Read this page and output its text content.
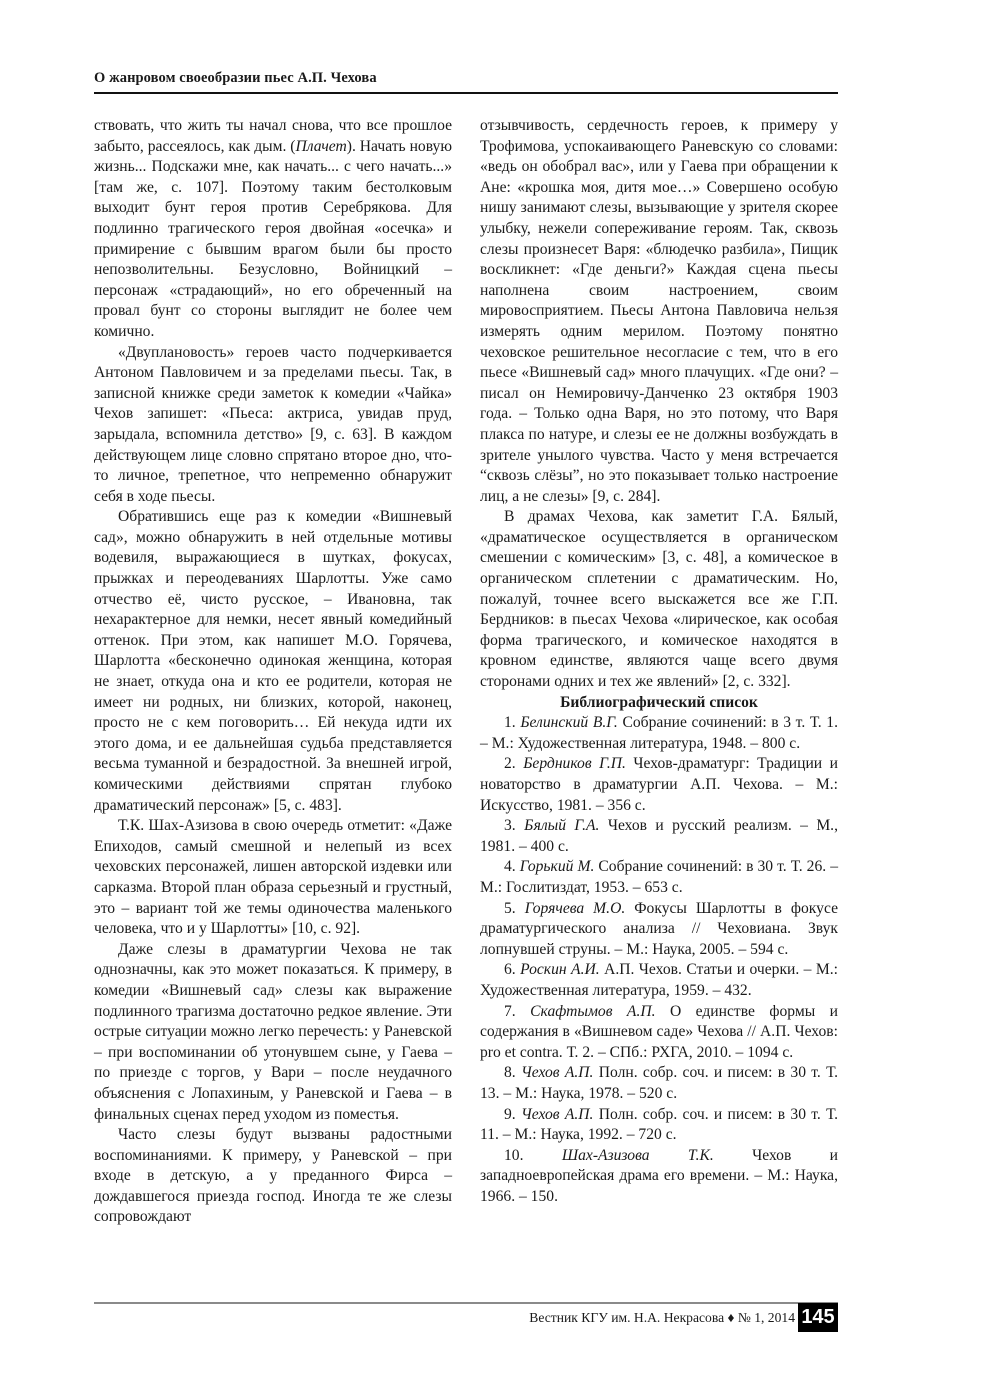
О жанровом своеобразии пьес А.П. Чехова

ствовать, что жить ты начал снова, что все прошлое забыто, рассеялось, как дым. (Плачет). Начать новую жизнь... Подскажи мне, как начать... с чего начать...» [там же, с. 107]. Поэтому таким бестолковым выходит бунт героя против Серебрякова. Для подлинно трагического героя двойная «осечка» и примирение с бывшим врагом были бы просто непозволительны. Безусловно, Войницкий – персонаж «страдающий», но его обреченный на провал бунт со стороны выглядит не более чем комично.

«Двуплановость» героев часто подчеркивается Антоном Павловичем и за пределами пьесы. Так, в записной книжке среди заметок к комедии «Чайка» Чехов запишет: «Пьеса: актриса, увидав пруд, зарыдала, вспомнила детство» [9, с. 63]. В каждом действующем лице словно спрятано второе дно, что-то личное, трепетное, что непременно обнаружит себя в ходе пьесы.

Обратившись еще раз к комедии «Вишневый сад», можно обнаружить в ней отдельные мотивы водевиля, выражающиеся в шутках, фокусах, прыжках и переодеваниях Шарлотты. Уже само отчество её, чисто русское, – Ивановна, так нехарактерное для немки, несет явный комедийный оттенок. При этом, как напишет М.О. Горячева, Шарлотта «бесконечно одинокая женщина, которая не знает, откуда она и кто ее родители, которая не имеет ни родных, ни близких, которой, наконец, просто не с кем поговорить… Ей некуда идти их этого дома, и ее дальнейшая судьба представляется весьма туманной и безрадостной. За внешней игрой, комическими действиями спрятан глубоко драматический персонаж» [5, с. 483].

Т.К. Шах-Азизова в свою очередь отметит: «Даже Епиходов, самый смешной и нелепый из всех чеховских персонажей, лишен авторской издевки или сарказма. Второй план образа серьезный и грустный, это – вариант той же темы одиночества маленького человека, что и у Шарлотты» [10, с. 92].

Даже слезы в драматургии Чехова не так однозначны, как это может показаться. К примеру, в комедии «Вишневый сад» слезы как выражение подлинного трагизма достаточно редкое явление. Эти острые ситуации можно легко перечесть: у Раневской – при воспоминании об утонувшем сыне, у Гаева – по приезде с торгов, у Вари – после неудачного объяснения с Лопахиным, у Раневской и Гаева – в финальных сценах перед уходом из поместья.

Часто слезы будут вызваны радостными воспоминаниями. К примеру, у Раневской – при входе в детскую, а у преданного Фирса – дождавшегося приезда господ. Иногда те же слезы сопровождают

отзывчивость, сердечность героев, к примеру у Трофимова, успокаивающего Раневскую со словами: «ведь он обобрал вас», или у Гаева при обращении к Ане: «крошка моя, дитя мое…» Совершено особую нишу занимают слезы, вызывающие у зрителя скорее улыбку, нежели сопереживание героям. Так, сквозь слезы произнесет Варя: «блюдечко разбила», Пищик воскликнет: «Где деньги?» Каждая сцена пьесы наполнена своим настроением, своим мировосприятием. Пьесы Антона Павловича нельзя измерять одним мерилом. Поэтому понятно чеховское решительное несогласие с тем, что в его пьесе «Вишневый сад» много плачущих. «Где они? – писал он Немировичу-Данченко 23 октября 1903 года. – Только одна Варя, но это потому, что Варя плакса по натуре, и слезы ее не должны возбуждать в зрителе унылого чувства. Часто у меня встречается “сквозь слёзы”, но это показывает только настроение лиц, а не слезы» [9, с. 284].

В драмах Чехова, как заметит Г.А. Бялый, «драматическое осуществляется в органическом смешении с комическим» [3, с. 48], а комическое в органическом сплетении с драматическим. Но, пожалуй, точнее всего выскажется все же Г.П. Бердников: в пьесах Чехова «лирическое, как особая форма трагического, и комическое находятся в кровном единстве, являются чаще всего двумя сторонами одних и тех же явлений» [2, с. 332].

Библиографический список

1. Белинский В.Г. Собрание сочинений: в 3 т. Т. 1. – М.: Художественная литература, 1948. – 800 с.

2. Бердников Г.П. Чехов-драматург: Традиции и новаторство в драматургии А.П. Чехова. – М.: Искусство, 1981. – 356 с.

3. Бялый Г.А. Чехов и русский реализм. – М., 1981. – 400 с.

4. Горький М. Собрание сочинений: в 30 т. Т. 26. – М.: Гослитиздат, 1953. – 653 с.

5. Горячева М.О. Фокусы Шарлотты в фокусе драматургического анализа // Чеховиана. Звук лопнувшей струны. – М.: Наука, 2005. – 594 с.

6. Роскин А.И. А.П. Чехов. Статьи и очерки. – М.: Художественная литература, 1959. – 432.

7. Скафтымов А.П. О единстве формы и содержания в «Вишневом саде» Чехова // А.П. Чехов: pro et contra. Т. 2. – СПб.: РХГА, 2010. – 1094 с.

8. Чехов А.П. Полн. собр. соч. и писем: в 30 т. Т. 13. – М.: Наука, 1978. – 520 с.

9. Чехов А.П. Полн. собр. соч. и писем: в 30 т. Т. 11. – М.: Наука, 1992. – 720 с.

10. Шах-Азизова Т.К. Чехов и западноевропейская драма его времени. – М.: Наука, 1966. – 150.

Вестник КГУ им. Н.А. Некрасова ♦ № 1, 2014 145
